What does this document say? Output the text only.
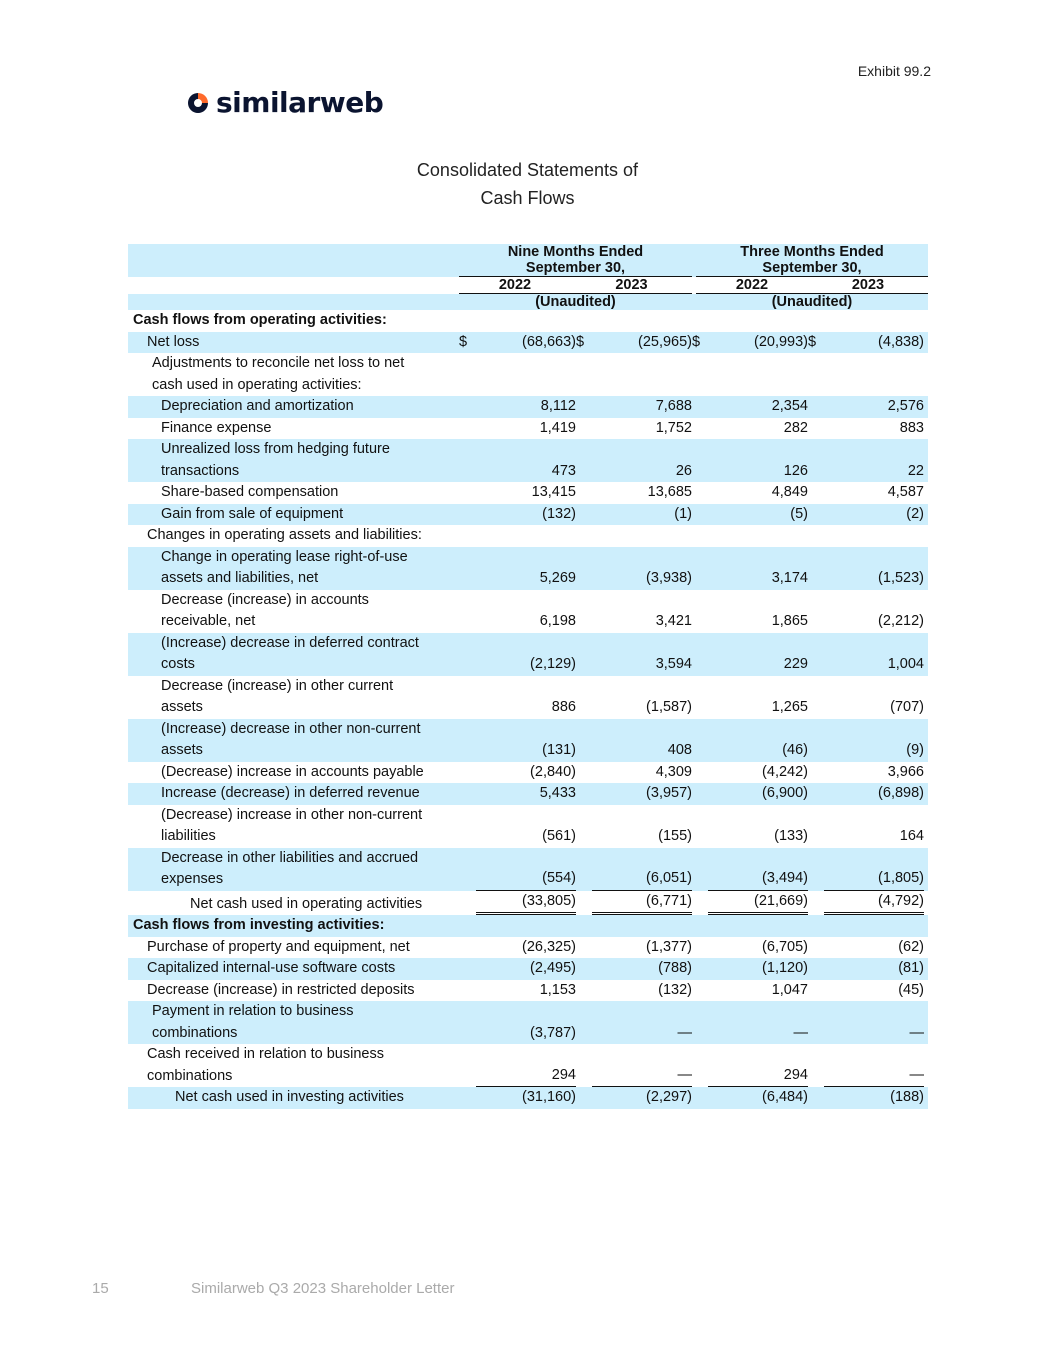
Exhibit 99.2
similarweb
Consolidated Statements of
Cash Flows
Nine Months Ended
September 30,
Three Months Ended
September 30,
2022	2023	2022	2023
(Unaudited)	(Unaudited)
Cash flows from operating activities:
Net loss	$	(68,663) $	(25,965) $	(20,993) $	(4,838)
Adjustments to reconcile net loss to net
cash used in operating activities:
Depreciation and amortization	8,112	7,688	2,354	2,576
Finance expense	1,419	1,752	282	883
Unrealized loss from hedging future
transactions	473	26	126	22
Share-based compensation	13,415	13,685	4,849	4,587
Gain from sale of equipment	(132)	(1)	(5)	(2)
Changes in operating assets and liabilities:
Change in operating lease right-of-use
assets and liabilities, net	5,269	(3,938)	3,174	(1,523)
Decrease (increase) in accounts
receivable, net	6,198	3,421	1,865	(2,212)
(Increase) decrease in deferred contract
costs	(2,129)	3,594	229	1,004
Decrease (increase) in other current
assets	886	(1,587)	1,265	(707)
(Increase) decrease in other non-current
assets	(131)	408	(46)	(9)
(Decrease) increase in accounts payable	(2,840)	4,309	(4,242)	3,966
Increase (decrease) in deferred revenue	5,433	(3,957)	(6,900)	(6,898)
(Decrease) increase in other non-current
liabilities	(561)	(155)	(133)	164
Decrease in other liabilities and accrued
expenses	(554)	(6,051)	(3,494)	(1,805)
Net cash used in operating activities	(33,805)	(6,771)	(21,669)	(4,792)
Cash flows from investing activities:
Purchase of property and equipment, net	(26,325)	(1,377)	(6,705)	(62)
Capitalized internal-use software costs	(2,495)	(788)	(1,120)	(81)
Decrease (increase) in restricted deposits	1,153	(132)	1,047	(45)
Payment in relation to business
combinations	(3,787)	—	—	—
Cash received in relation to business
combinations	294	—	294	—
Net cash used in investing activities	(31,160)	(2,297)	(6,484)	(188)
15	Similarweb Q3 2023 Shareholder Letter
